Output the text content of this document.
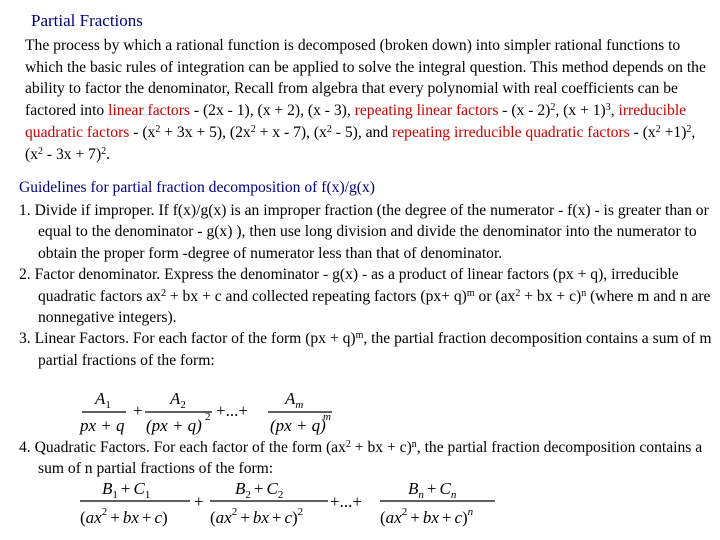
Partial Fractions
The process by which a rational function is decomposed (broken down) into simpler rational functions to which the basic rules of integration can be applied to solve the integral question. This method depends on the ability to factor the denominator, Recall from algebra that every polynomial with real coefficients can be factored into linear factors - (2x - 1), (x + 2), (x - 3), repeating linear factors - (x - 2)$^2$, $(x + 1)^3$, irreducible quadratic factors - $(x^2 + 3x + 5)$, $(2x^2 + x - 7)$, $(x^2 - 5)$, and repeating irreducible quadratic factors - $(x^2 +1)^2$, $(x^2 - 3x + 7)^2$.
Guidelines for partial fraction decomposition of f(x)/g(x)
1. Divide if improper. If f(x)/g(x) is an improper fraction (the degree of the numerator - f(x) - is greater than or equal to the denominator - g(x) ), then use long division and divide the denominator into the numerator to obtain the proper form -degree of numerator less than that of denominator.
2. Factor denominator. Express the denominator - g(x) - as a product of linear factors (px + q), irreducible quadratic factors $ax^2$ + bx + c and collected repeating factors $(px+ q)^m$ or ($ax^2$ + bx + c)$^n$ (where m and n are nonnegative integers).
3. Linear Factors. For each factor of the form (px + q)$^m$, the partial fraction decomposition contains a sum of m partial fractions of the form:
$A_1$
px + q
+
$A_2$
(px + q) 2 +...+
$A_m$
(px + q)
m
4. Quadratic Factors. For each factor of the form ($ax^2$ + bx + c)$^n$, the partial fraction decomposition contains a sum of n partial fractions of the form:
$B_1 + C_1$
($ax^2$ + bx + c)
+
$B_2 + C_2$
($ax^2$ + bx + c)$^2$
+...+
$B_n + C_n$
($ax^2$ + bx + c)$^n$
